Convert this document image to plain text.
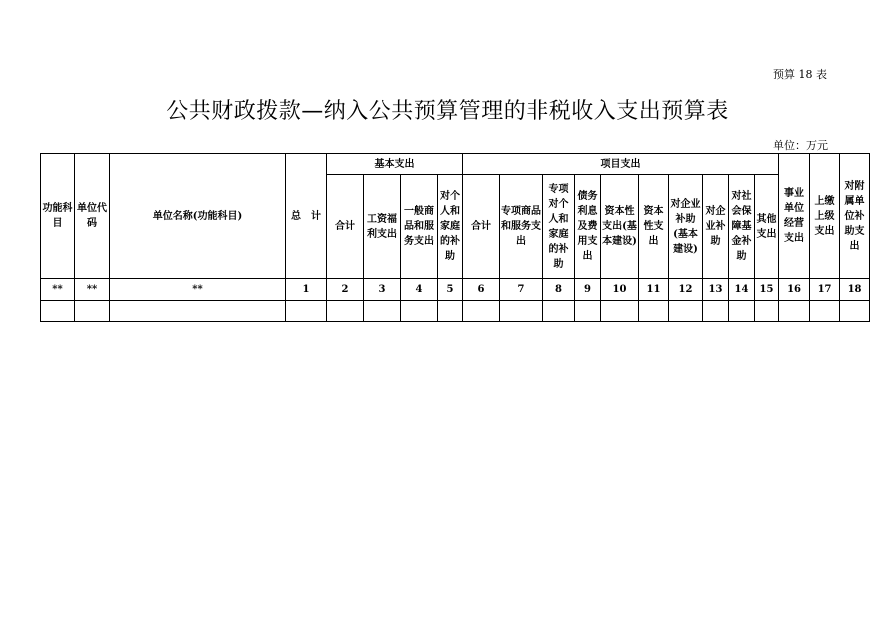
预算 18 表
公共财政拨款—纳入公共预算管理的非税收入支出预算表
单位：万元
功能科目	单位代码	单位名称(功能科目)	总　计	基本支出				项目支出										事业单位经营支出	上缴上级支出	对附属单位补助支出
				合计	工资福利支出	一般商品和服务支出	对个人和家庭的补助	合计	专项商品和服务支出	专项对个人和家庭的补助	债务利息及费用支出	资本性支出(基本建设)	资本性支出	对企业补助(基本建设)	对企业补助	对社会保障基金补助	其他支出			
**	**	**	1	2	3	4	5	6	7	8	9	10	11	12	13	14	15	16	17	18
